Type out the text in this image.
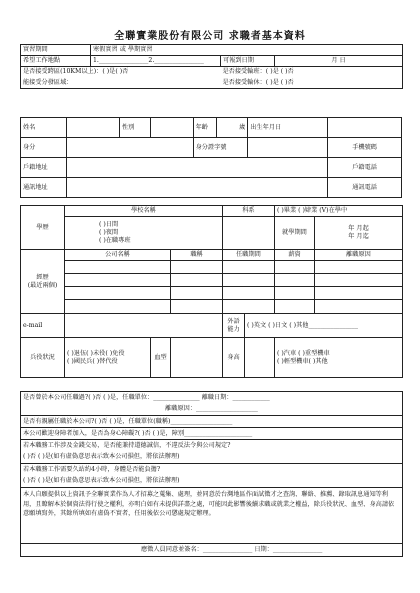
全聯實業股份有限公司 求職者基本資料
實習期間	寒假實習 或 學期實習		
希望工作地點	1.________________2.________________	可報到日期	月 日
是否接受跨區(10KM以上)：( )是( )否		是否接受輪班：( )是 ( )否	
能接受分發區域：		是否接受輪休：( )是 ( )否	
姓名		性別		年齡	歲	出生年月日	
身分				身分證字號			手機號碼
戶籍地址							戶籍電話
通訊地址							通訊電話
學歷	學校名稱			科系		( )畢業 ( )肄業 (V)在學中	
	( )日間
( )夜間
( )在職專班					就學期間	年 月起
年 月迄
經歷
(最近兩個)	公司名稱		職稱	任職期間		薪資	離職原因

e-mail				外語能力	( )英文 ( )日文 ( )其他________________		
兵役狀況	( )退伍( )未役( )免役
( )國民兵( )替代役	血型		身高		( )汽車 ( )重型機車
( )輕型機車( )其他	
是否曾於本公司任職過?( )否 ( )是，任職單位：_______________ 離職日期：____________
離職原因：____________________
是否有親屬任職於本公司?( )否 ( )是，任職單位(職稱)____________________
本公司歡迎身障者加入，是否為身心障礙?( )否 ( )是，障別______________________
若本職務工作涉及金錢交易，是否能兼持道德誠信，不違反法令與公司規定?
( )否 ( )是(如有虛偽意思表示致本公司損但，將依法辦理)
若本職務工作需要久站約4小時，身體是否能負擔?
( )否 ( )是(如有虛偽意思表示致本公司損但，將依法辦理)
本人自願提供以上資訊予全聯實業作為人才招募之蒐集、處理，並同意於台灣地區作面試徵才之查詢、聯絡、推薦、錄取訊息通知等利用，且瞭解本於個資法得行使之權利，亦明白如有未提供詳盡之處，可能因此影響後續求職或就業之權益，除兵役狀況、血型、身高請依意願填寫外，其餘所填如有虛偽不實者，任用後依公司懲處規定辦理。
應徵人員同意並簽名：________________ 日期：________________
